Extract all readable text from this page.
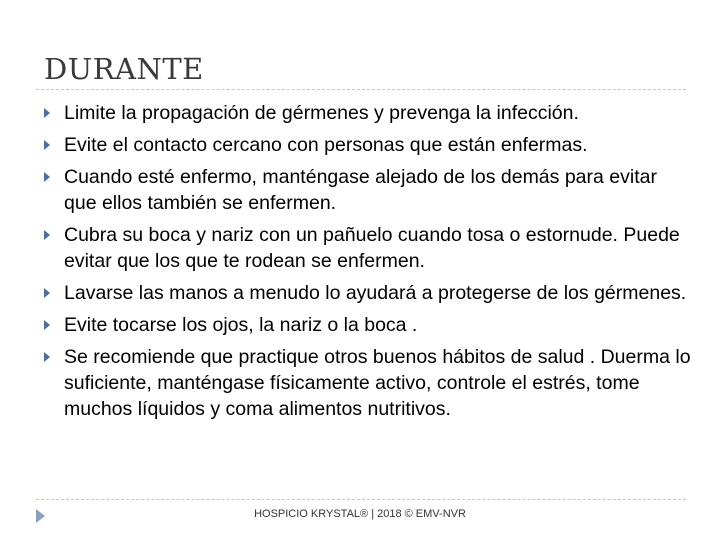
DURANTE
Limite la propagación de gérmenes y prevenga la infección.
Evite el contacto cercano con personas que están enfermas.
Cuando esté enfermo, manténgase alejado de los demás para evitar que ellos también se enfermen.
Cubra su boca y nariz con un pañuelo cuando tosa o estornude. Puede evitar que los que te rodean se enfermen.
Lavarse las manos a menudo lo ayudará a protegerse de los gérmenes.
Evite tocarse los ojos, la nariz o la boca .
Se recomiende que practique otros buenos hábitos de salud . Duerma lo suficiente, manténgase físicamente activo, controle el estrés, tome muchos líquidos y coma alimentos nutritivos.
HOSPICIO KRYSTAL® | 2018 © EMV-NVR
